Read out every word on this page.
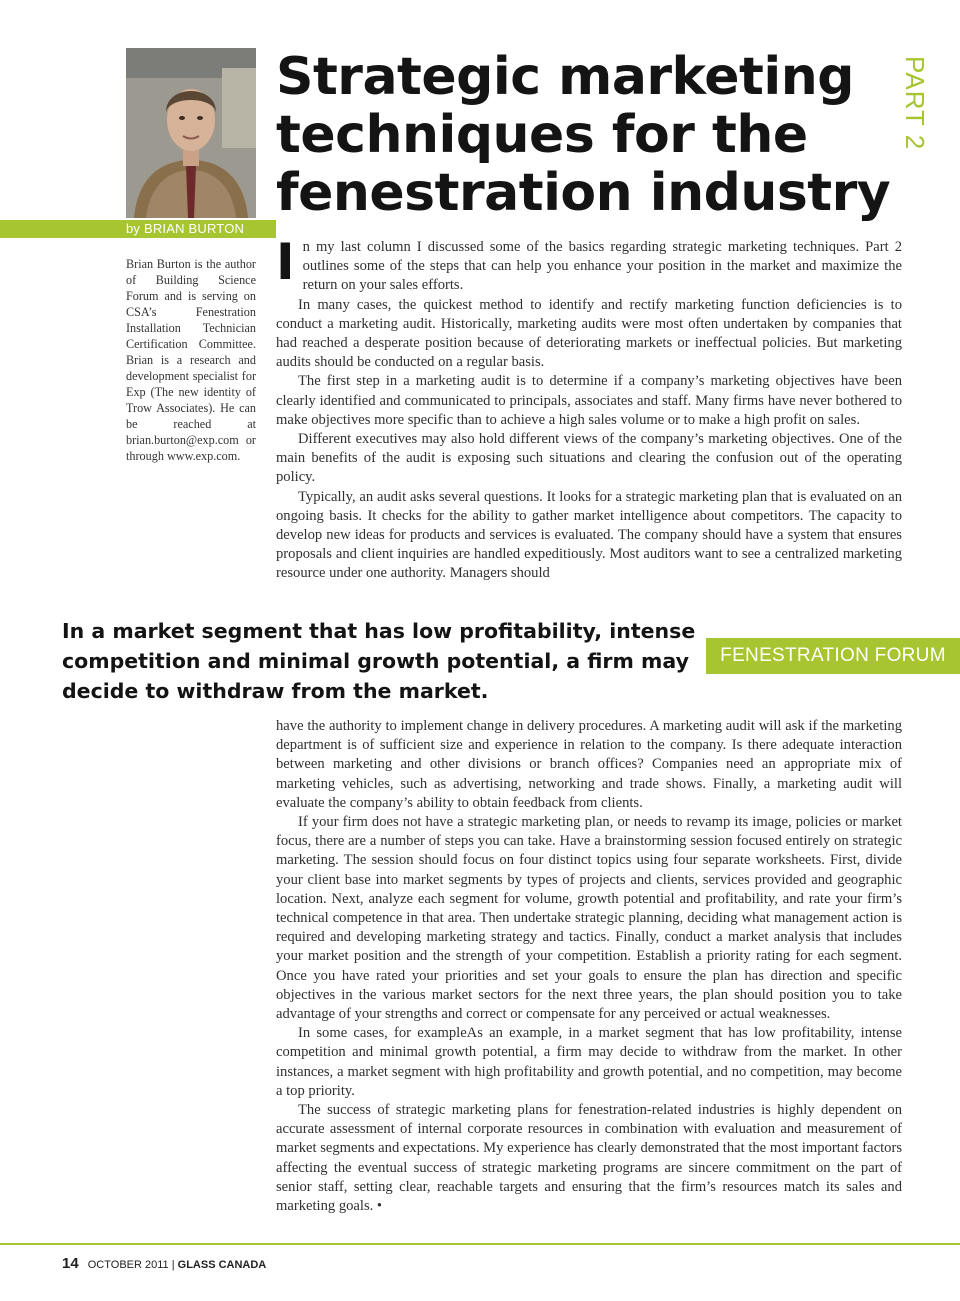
by BRIAN BURTON
Brian Burton is the author of Building Science Forum and is serving on CSA’s Fenestration Installation Technician Certification Committee. Brian is a research and development specialist for Exp (The new identity of Trow Associates). He can be reached at brian.burton@exp.com or through www.exp.com.
Strategic marketing techniques for the fenestration industry
PART 2
I n my last column I discussed some of the basics regarding strategic marketing techniques. Part 2 outlines some of the steps that can help you enhance your position in the market and maximize the return on your sales efforts.

In many cases, the quickest method to identify and rectify marketing function deficiencies is to conduct a marketing audit. Historically, marketing audits were most often undertaken by companies that had reached a desperate position because of deteriorating markets or ineffectual policies. But marketing audits should be conducted on a regular basis.

The first step in a marketing audit is to determine if a company’s marketing objectives have been clearly identified and communicated to principals, associates and staff. Many firms have never bothered to make objectives more specific than to achieve a high sales volume or to make a high profit on sales.

Different executives may also hold different views of the company’s marketing objectives. One of the main benefits of the audit is exposing such situations and clearing the confusion out of the operating policy.

Typically, an audit asks several questions. It looks for a strategic marketing plan that is evaluated on an ongoing basis. It checks for the ability to gather market intelligence about competitors. The capacity to develop new ideas for products and services is evaluated. The company should have a system that ensures proposals and client inquiries are handled expeditiously. Most auditors want to see a centralized marketing resource under one authority. Managers should

In a market segment that has low profitability, intense competition and minimal growth potential, a firm may decide to withdraw from the market.

FENESTRATION FORUM

have the authority to implement change in delivery procedures. A marketing audit will ask if the marketing department is of sufficient size and experience in relation to the company. Is there adequate interaction between marketing and other divisions or branch offices? Companies need an appropriate mix of marketing vehicles, such as advertising, networking and trade shows. Finally, a marketing audit will evaluate the company’s ability to obtain feedback from clients.

If your firm does not have a strategic marketing plan, or needs to revamp its image, policies or market focus, there are a number of steps you can take. Have a brainstorming session focused entirely on strategic marketing. The session should focus on four distinct topics using four separate worksheets. First, divide your client base into market segments by types of projects and clients, services provided and geographic location. Next, analyze each segment for volume, growth potential and profitability, and rate your firm’s technical competence in that area. Then undertake strategic planning, deciding what management action is required and developing marketing strategy and tactics. Finally, conduct a market analysis that includes your market position and the strength of your competition. Establish a priority rating for each segment. Once you have rated your priorities and set your goals to ensure the plan has direction and specific objectives in the various market sectors for the next three years, the plan should position you to take advantage of your strengths and correct or compensate for any perceived or actual weaknesses.

In some cases, for exampleAs an example, in a market segment that has low profitability, intense competition and minimal growth potential, a firm may decide to withdraw from the market. In other instances, a market segment with high profitability and growth potential, and no competition, may become a top priority.

The success of strategic marketing plans for fenestration-related industries is highly dependent on accurate assessment of internal corporate resources in combination with evaluation and measurement of market segments and expectations. My experience has clearly demonstrated that the most important factors affecting the eventual success of strategic marketing programs are sincere commitment on the part of senior staff, setting clear, reachable targets and ensuring that the firm’s resources match its sales and marketing goals. •

14 OCTOBER 2011 | GLASS CANADA
